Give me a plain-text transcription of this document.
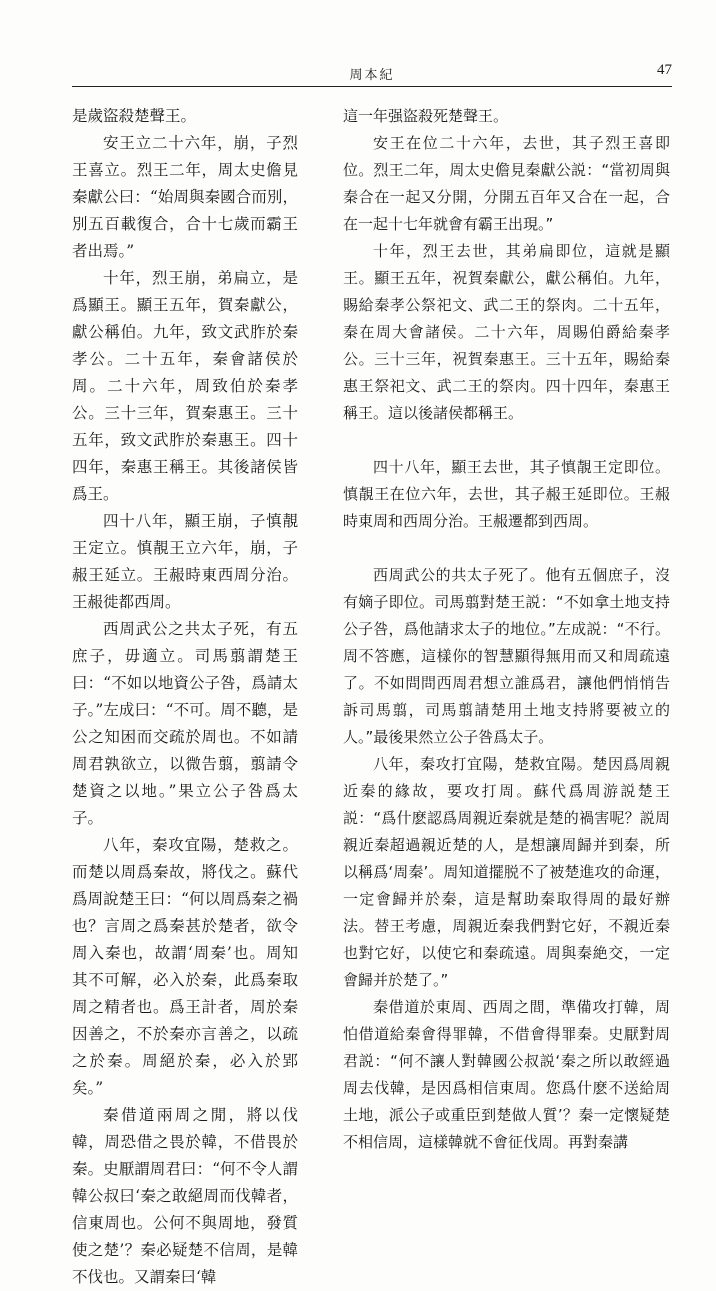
周本紀	47

是歲盜殺楚聲王。

安王立二十六年，崩，子烈王喜立。烈王二年，周太史儋見秦獻公曰：“始周與秦國合而別，別五百載復合，合十七歲而霸王者出焉。”

十年，烈王崩，弟扁立，是爲顯王。顯王五年，賀秦獻公，獻公稱伯。九年，致文武胙於秦孝公。二十五年，秦會諸侯於周。二十六年，周致伯於秦孝公。三十三年，賀秦惠王。三十五年，致文武胙於秦惠王。四十四年，秦惠王稱王。其後諸侯皆爲王。

四十八年，顯王崩，子慎靚王定立。慎靚王立六年，崩，子赧王延立。王赧時東西周分治。王赧徙都西周。

西周武公之共太子死，有五庶子，毋適立。司馬翦謂楚王曰：“不如以地資公子咎，爲請太子。”左成曰：“不可。周不聽，是公之知困而交疏於周也。不如請周君孰欲立，以微告翦，翦請令楚資之以地。”果立公子咎爲太子。

八年，秦攻宜陽，楚救之。而楚以周爲秦故，將伐之。蘇代爲周說楚王曰：“何以周爲秦之禍也？言周之爲秦甚於楚者，欲令周入秦也，故謂‘周秦’也。周知其不可解，必入於秦，此爲秦取周之精者也。爲王計者，周於秦因善之，不於秦亦言善之，以疏之於秦。周絕於秦，必入於郢矣。”

秦借道兩周之閒，將以伐韓，周恐借之畏於韓，不借畏於秦。史厭謂周君曰：“何不令人謂韓公叔曰‘秦之敢絕周而伐韓者，信東周也。公何不與周地，發質使之楚’？秦必疑楚不信周，是韓不伐也。又謂秦曰‘韓

這一年强盜殺死楚聲王。

安王在位二十六年，去世，其子烈王喜即位。烈王二年，周太史儋見秦獻公説：“當初周與秦合在一起又分開，分開五百年又合在一起，合在一起十七年就會有霸王出現。”

十年，烈王去世，其弟扁即位，這就是顯王。顯王五年，祝賀秦獻公，獻公稱伯。九年，賜給秦孝公祭祀文、武二王的祭肉。二十五年，秦在周大會諸侯。二十六年，周賜伯爵給秦孝公。三十三年，祝賀秦惠王。三十五年，賜給秦惠王祭祀文、武二王的祭肉。四十四年，秦惠王稱王。這以後諸侯都稱王。

四十八年，顯王去世，其子慎靚王定即位。慎靚王在位六年，去世，其子赧王延即位。王赧時東周和西周分治。王赧遷都到西周。

西周武公的共太子死了。他有五個庶子，沒有嫡子即位。司馬翦對楚王説：“不如拿土地支持公子咎，爲他請求太子的地位。”左成説：“不行。周不答應，這樣你的智慧顯得無用而又和周疏遠了。不如問問西周君想立誰爲君，讓他們悄悄告訴司馬翦，司馬翦請楚用土地支持將要被立的人。”最後果然立公子咎爲太子。

八年，秦攻打宜陽，楚救宜陽。楚因爲周親近秦的緣故，要攻打周。蘇代爲周游説楚王説：“爲什麽認爲周親近秦就是楚的禍害呢？説周親近秦超過親近楚的人，是想讓周歸并到秦，所以稱爲‘周秦’。周知道擺脱不了被楚進攻的命運，一定會歸并於秦，這是幫助秦取得周的最好辦法。替王考慮，周親近秦我們對它好，不親近秦也對它好，以使它和秦疏遠。周與秦絶交，一定會歸并於楚了。”

秦借道於東周、西周之間，準備攻打韓，周怕借道給秦會得罪韓，不借會得罪秦。史厭對周君説：“何不讓人對韓國公叔説‘秦之所以敢經過周去伐韓，是因爲相信東周。您爲什麽不送給周土地，派公子或重臣到楚做人質’？秦一定懷疑楚不相信周，這樣韓就不會征伐周。再對秦講
